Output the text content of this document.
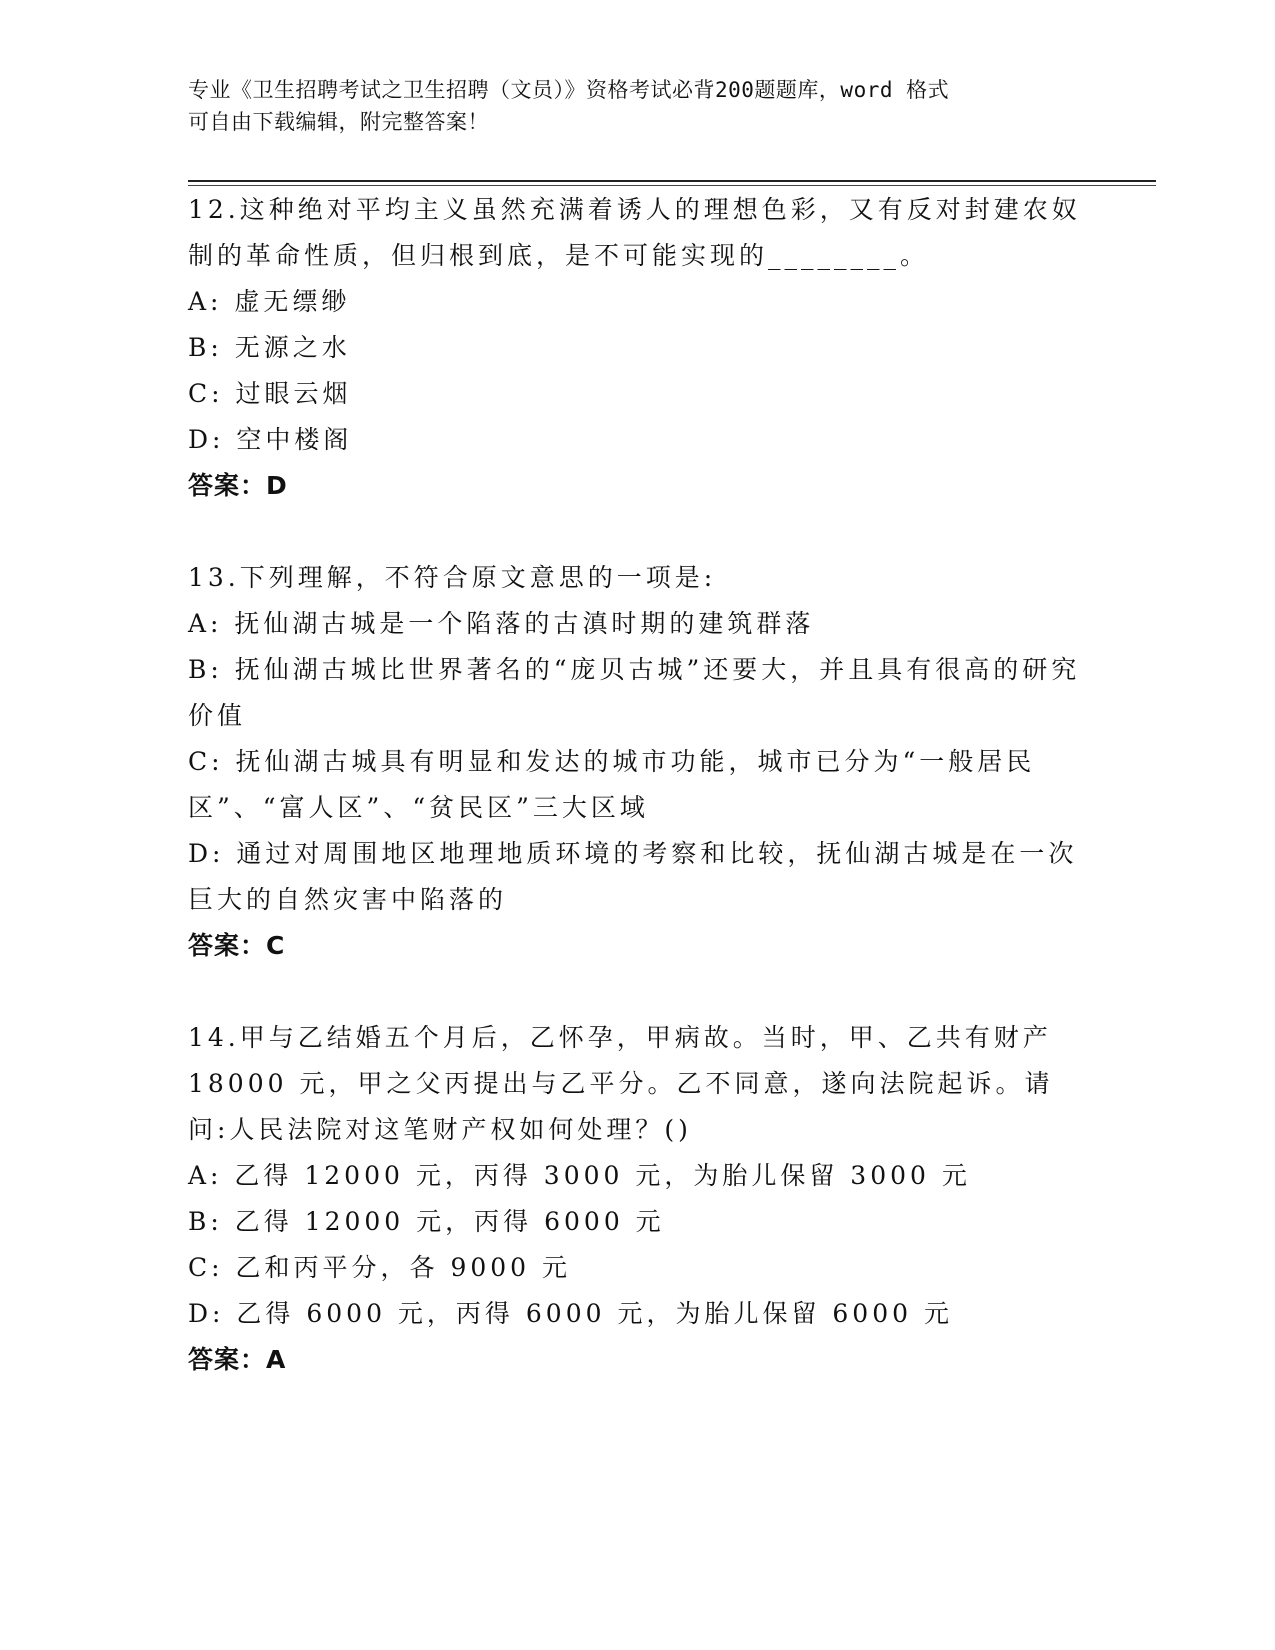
专业《卫生招聘考试之卫生招聘（文员）》资格考试必背200题题库，word 格式
可自由下载编辑，附完整答案！
12.这种绝对平均主义虽然充满着诱人的理想色彩，又有反对封建农奴制的革命性质，但归根到底，是不可能实现的________。
A: 虚无缥缈
B: 无源之水
C: 过眼云烟
D: 空中楼阁
答案：D
13.下列理解，不符合原文意思的一项是:
A: 抚仙湖古城是一个陷落的古滇时期的建筑群落
B: 抚仙湖古城比世界著名的“庞贝古城”还要大，并且具有很高的研究价值
C: 抚仙湖古城具有明显和发达的城市功能，城市已分为“一般居民区”、“富人区”、“贫民区”三大区域
D: 通过对周围地区地理地质环境的考察和比较，抚仙湖古城是在一次巨大的自然灾害中陷落的
答案：C
14.甲与乙结婚五个月后，乙怀孕，甲病故。当时，甲、乙共有财产18000 元，甲之父丙提出与乙平分。乙不同意，遂向法院起诉。请问:人民法院对这笔财产权如何处理？()
A: 乙得 12000 元，丙得 3000 元，为胎儿保留 3000 元
B: 乙得 12000 元，丙得 6000 元
C: 乙和丙平分，各 9000 元
D: 乙得 6000 元，丙得 6000 元，为胎儿保留 6000 元
答案：A
